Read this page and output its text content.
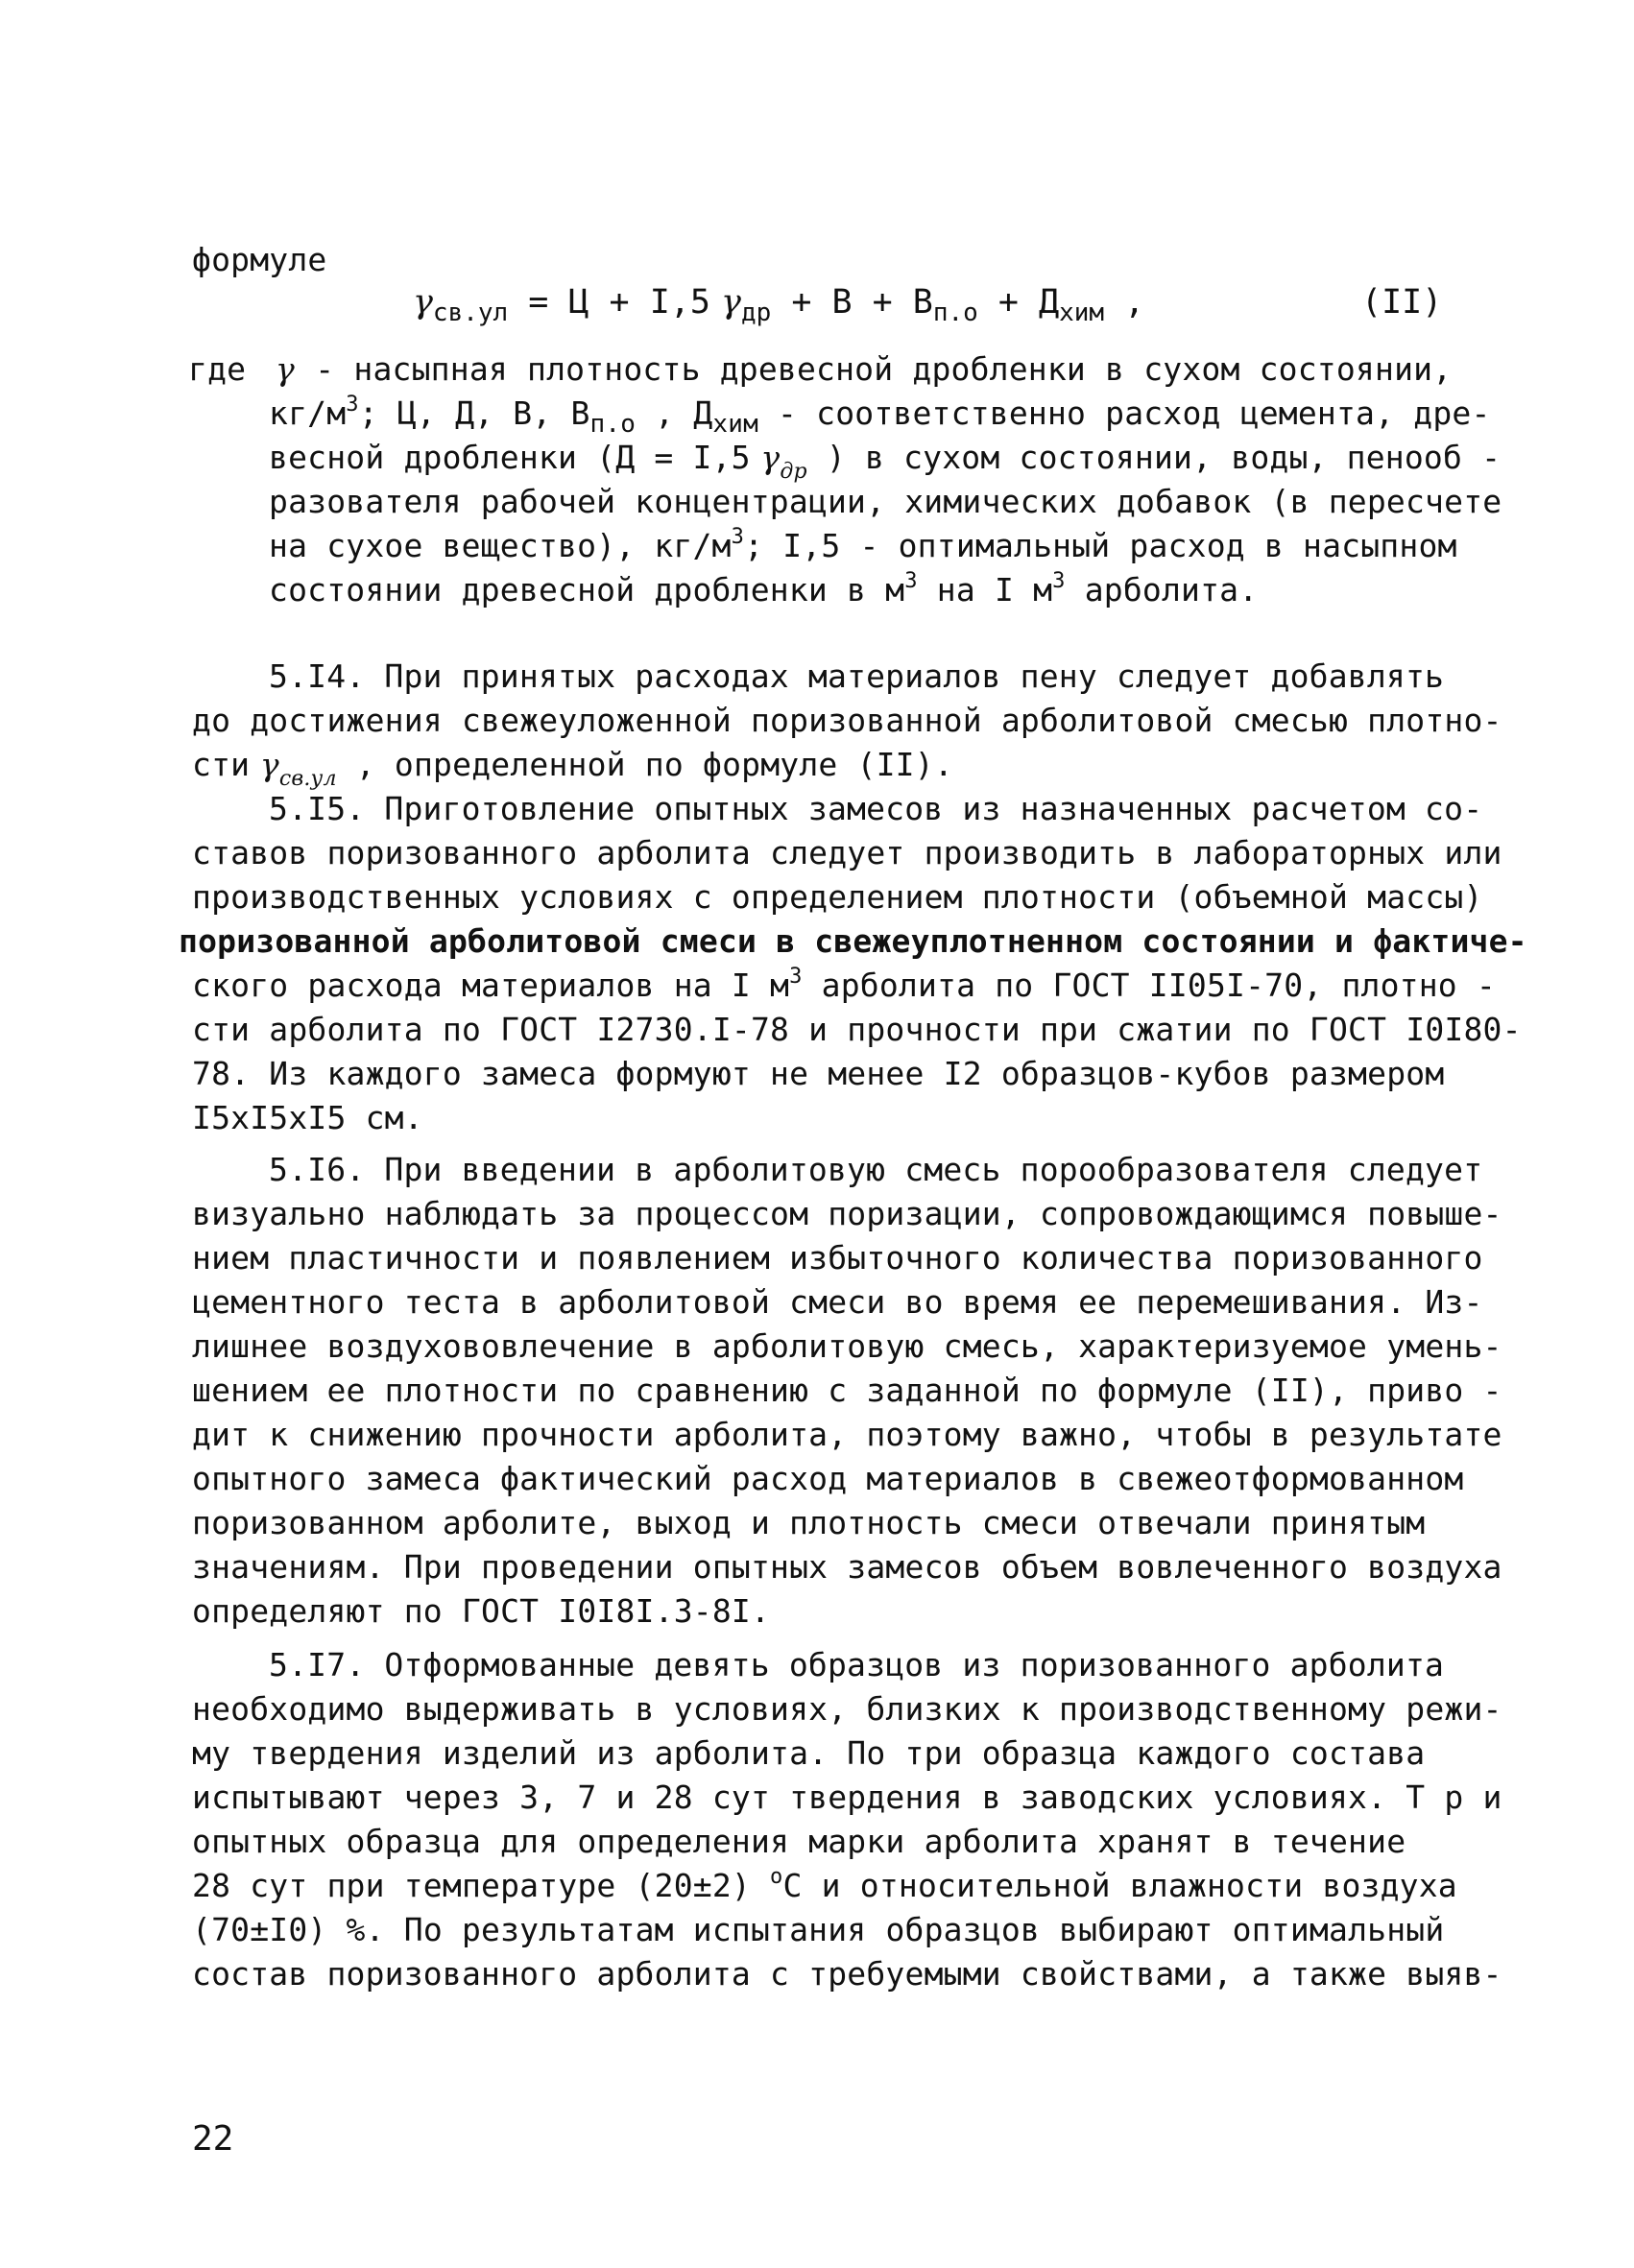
формуле
$\gamma_{св.ул} = Ц + I,5$ $\gamma_{др} + В + В_{п.о} + Д_{хим}$ ,	(II)
где  γ  - насыпная плотность древесной дробленки в сухом состоянии,
$кг/м^3$; Ц, Д, В, $В_{п.о}$ , $Д_{хим}$ - соответственно расход цемента, дре-
весной дробленки (Д = I,5 $\gamma_{др}$ ) в сухом состоянии, воды, пенооб -
разователя рабочей концентрации, химических добавок (в пересчете
на сухое вещество), $кг/м^3$; I,5 - оптимальный расход в насыпном
состоянии древесной дробленки в $м^3$ на I $м^3$ арболита.
5.I4. При принятых расходах материалов пену следует добавлять
до достижения свежеуложенной поризованной арболитовой смесью плотно-
сти $\gamma_{св.ул}$ , определенной по формуле (II).
5.I5. Приготовление опытных замесов из назначенных расчетом со-
ставов поризованного арболита следует производить в лабораторных или
производственных условиях с определением плотности (объемной массы)
поризованной арболитовой смеси в свежеуплотненном состоянии и фактиче-
ского расхода материалов на I $м^3$ арболита по ГОСТ II05I-70, плотно -
сти арболита по ГОСТ I2730.I-78 и прочности при сжатии по ГОСТ I0I80-
78. Из каждого замеса формуют не менее I2 образцов-кубов размером
I5xI5xI5 см.
5.I6. При введении в арболитовую смесь порообразователя следует
визуально наблюдать за процессом поризации, сопровождающимся повыше-
нием пластичности и появлением избыточного количества поризованного
цементного теста в арболитовой смеси во время ее перемешивания. Из-
лишнее воздухововлечение в арболитовую смесь, характеризуемое умень-
шением ее плотности по сравнению с заданной по формуле (II), приво -
дит к снижению прочности арболита, поэтому важно, чтобы в результате
опытного замеса фактический расход материалов в свежеотформованном
поризованном арболите, выход и плотность смеси отвечали принятым
значениям. При проведении опытных замесов объем вовлеченного воздуха
определяют по ГОСТ I0I8I.3-8I.
5.I7. Отформованные девять образцов из поризованного арболита
необходимо выдерживать в условиях, близких к производственному режи-
му твердения изделий из арболита. По три образца каждого состава
испытывают через 3, 7 и 28 сут твердения в заводских условиях. Т р и
опытных образца для определения марки арболита хранят в течение
28 сут при температуре (20±2) $^o$С и относительной влажности воздуха
(70±I0) %. По результатам испытания образцов выбирают оптимальный
состав поризованного арболита с требуемыми свойствами, а также выяв-
22
